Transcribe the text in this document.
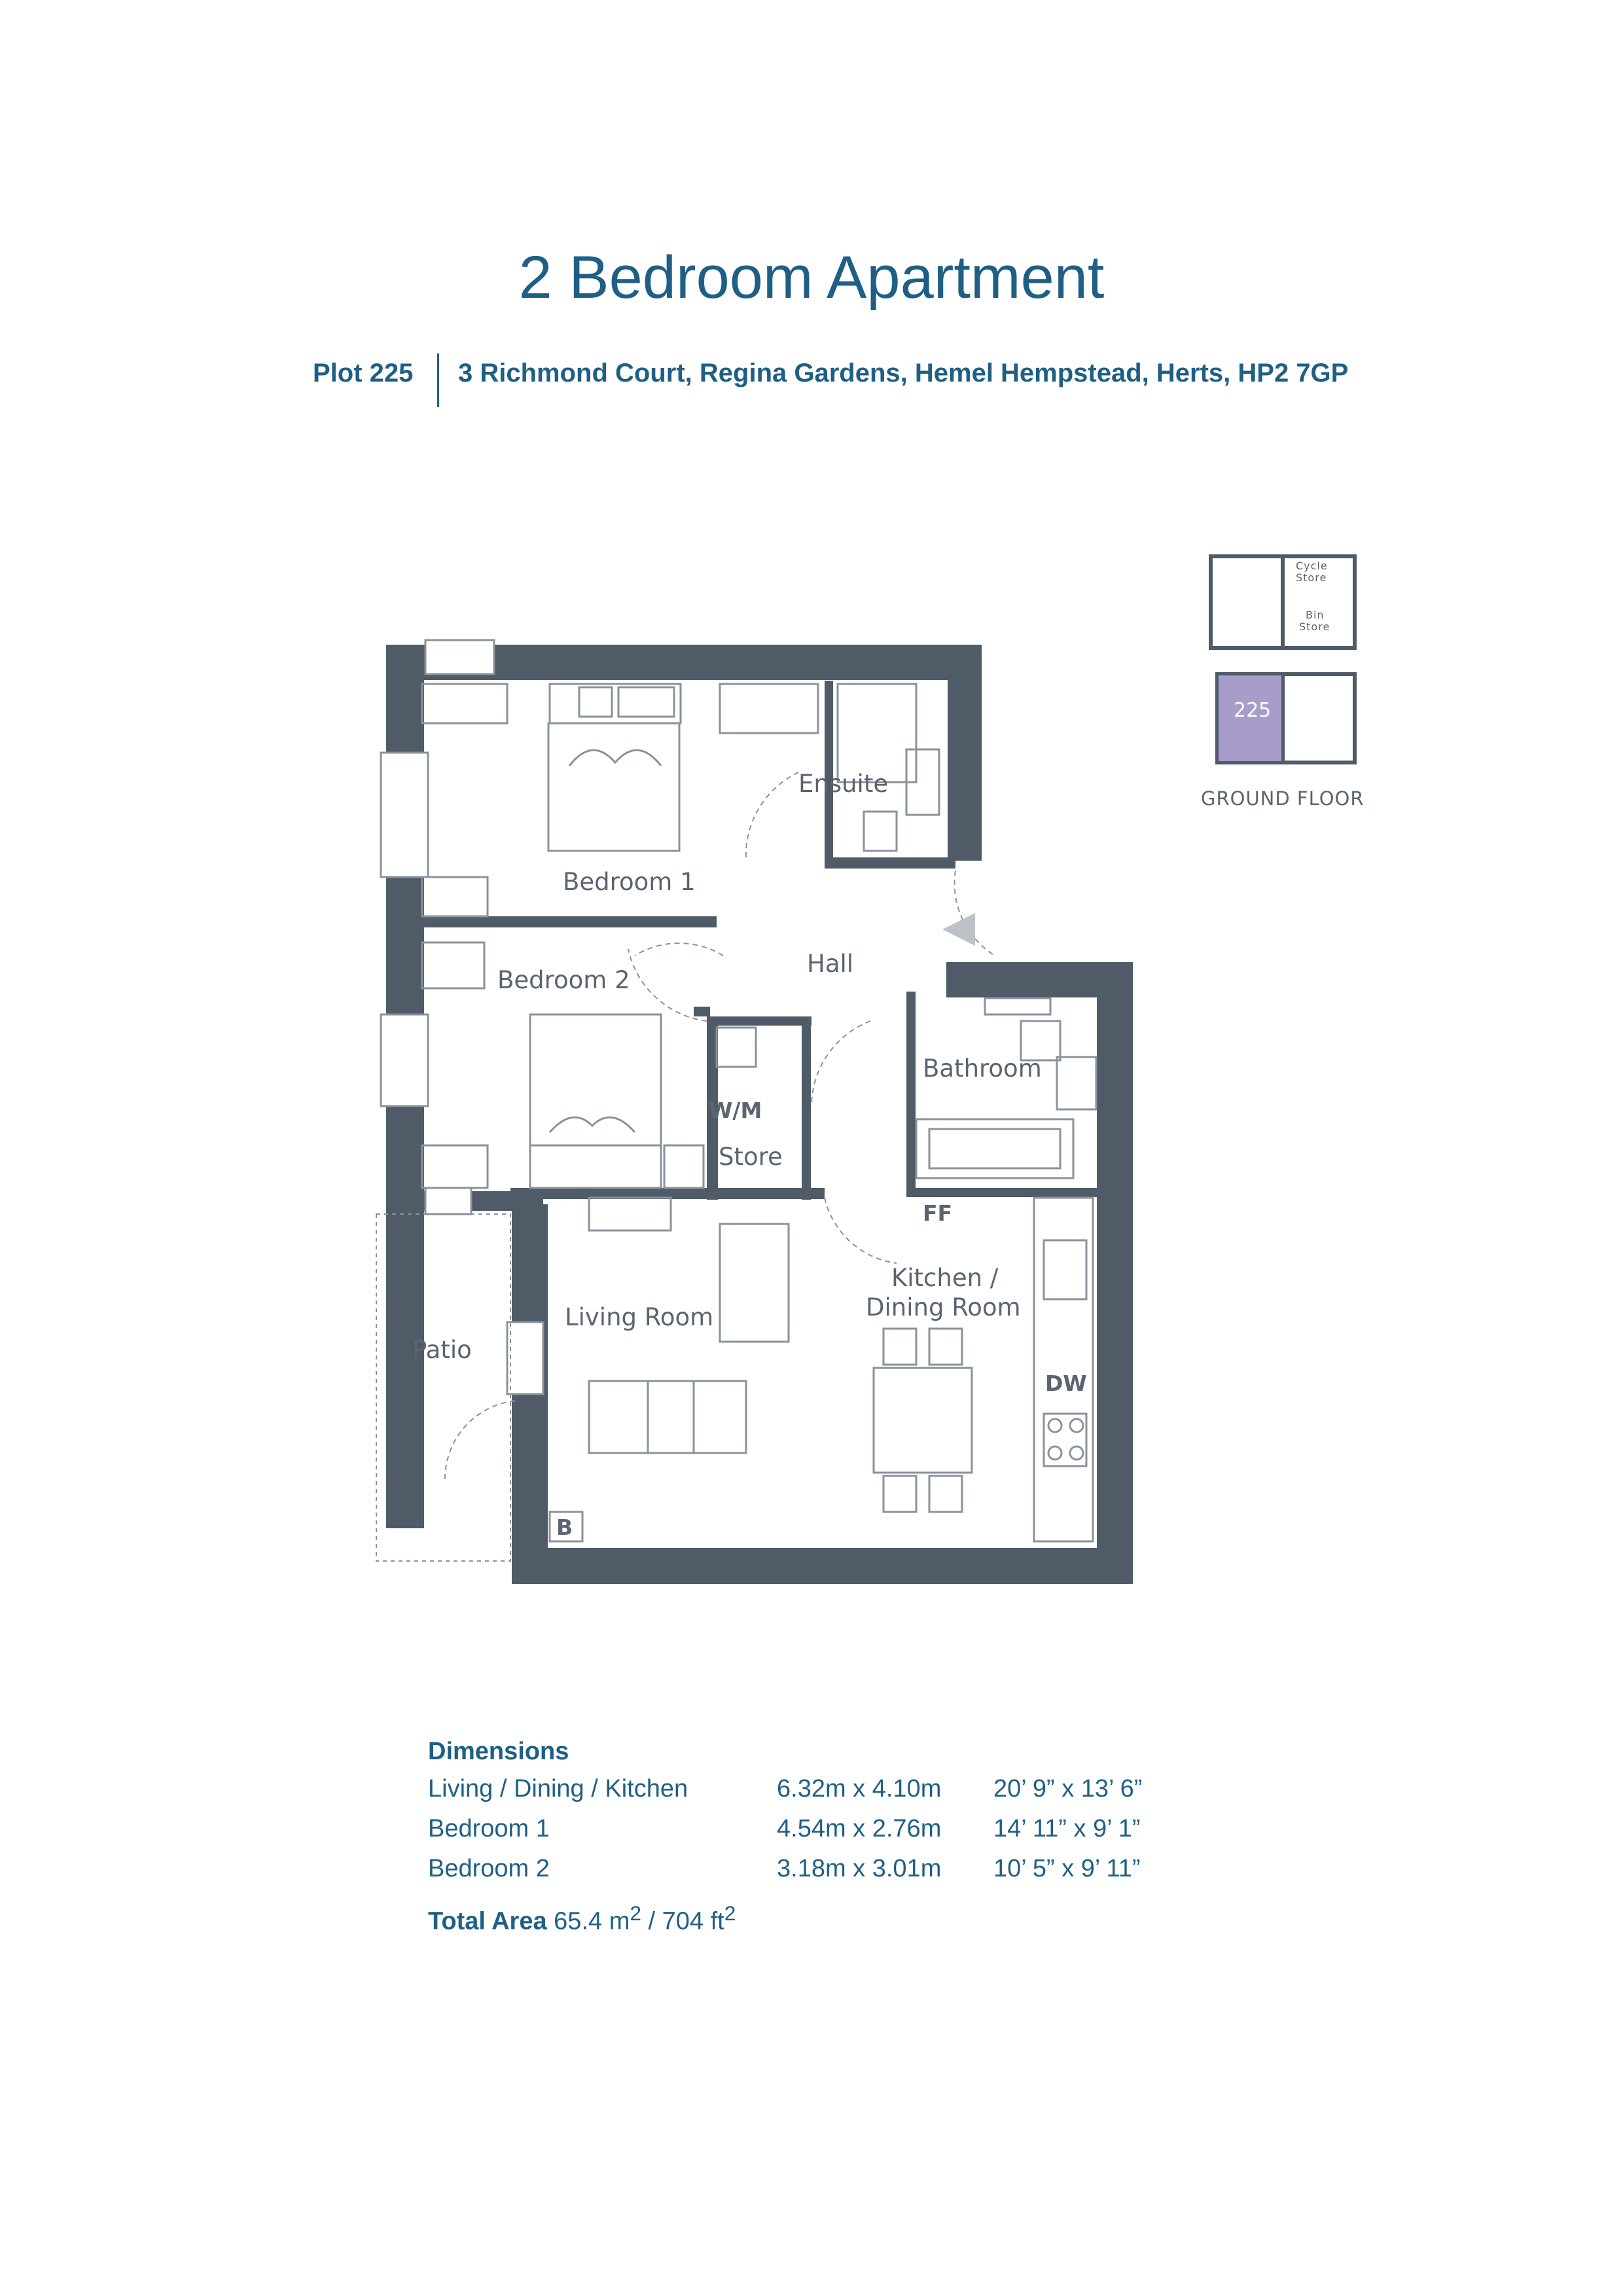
2 Bedroom Apartment
Plot 225 3 Richmond Court, Regina Gardens, Hemel Hempstead, Herts, HP2 7GP
Ensuite
Bedroom 1
Hall
Bedroom 2
Bathroom
W/M
Store
FF
Kitchen /
Dining Room
Living Room
Patio
DW
B
Cycle
Store
Bin
Store
225
GROUND FLOOR
Dimensions
Living / Dining / Kitchen	6.32m x 4.10m 20’ 9” x 13’ 6”
Bedroom 1	4.54m x 2.76m 14’ 11” x 9’ 1”
Bedroom 2	3.18m x 3.01m 10’ 5” x 9’ 11”
Total Area 65.4 $m^2 / 704$ $ft^2$
